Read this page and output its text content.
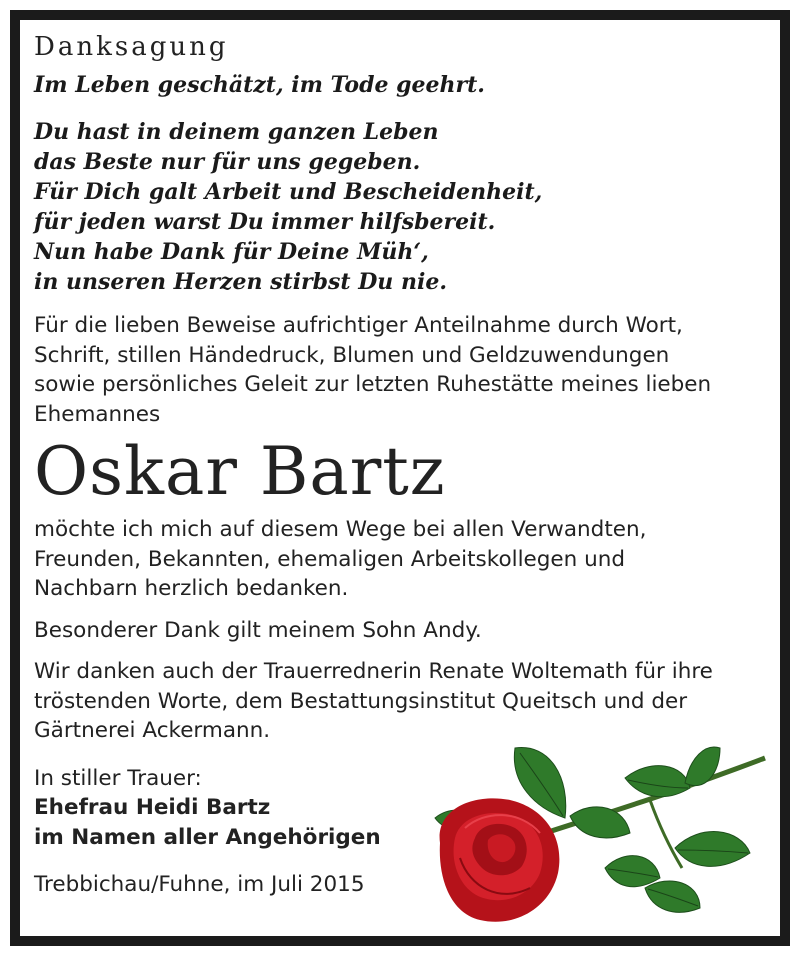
Danksagung

Im Leben geschätzt, im Tode geehrt.

Du hast in deinem ganzen Leben

das Beste nur für uns gegeben.

Für Dich galt Arbeit und Bescheidenheit,

für jeden warst Du immer hilfsbereit.

Nun habe Dank für Deine Müh‘,

in unseren Herzen stirbst Du nie.

Für die lieben Beweise aufrichtiger Anteilnahme durch Wort,

Schrift, stillen Händedruck, Blumen und Geldzuwendungen

sowie persönliches Geleit zur letzten Ruhestätte meines lieben

Ehemannes

Oskar Bartz

möchte ich mich auf diesem Wege bei allen Verwandten,

Freunden, Bekannten, ehemaligen Arbeitskollegen und

Nachbarn herzlich bedanken.

Besonderer Dank gilt meinem Sohn Andy.

Wir danken auch der Trauerrednerin Renate Woltemath für ihre

tröstenden Worte, dem Bestattungsinstitut Queitsch und der

Gärtnerei Ackermann.

In stiller Trauer:

Ehefrau Heidi Bartz

im Namen aller Angehörigen

Trebbichau/Fuhne, im Juli 2015
